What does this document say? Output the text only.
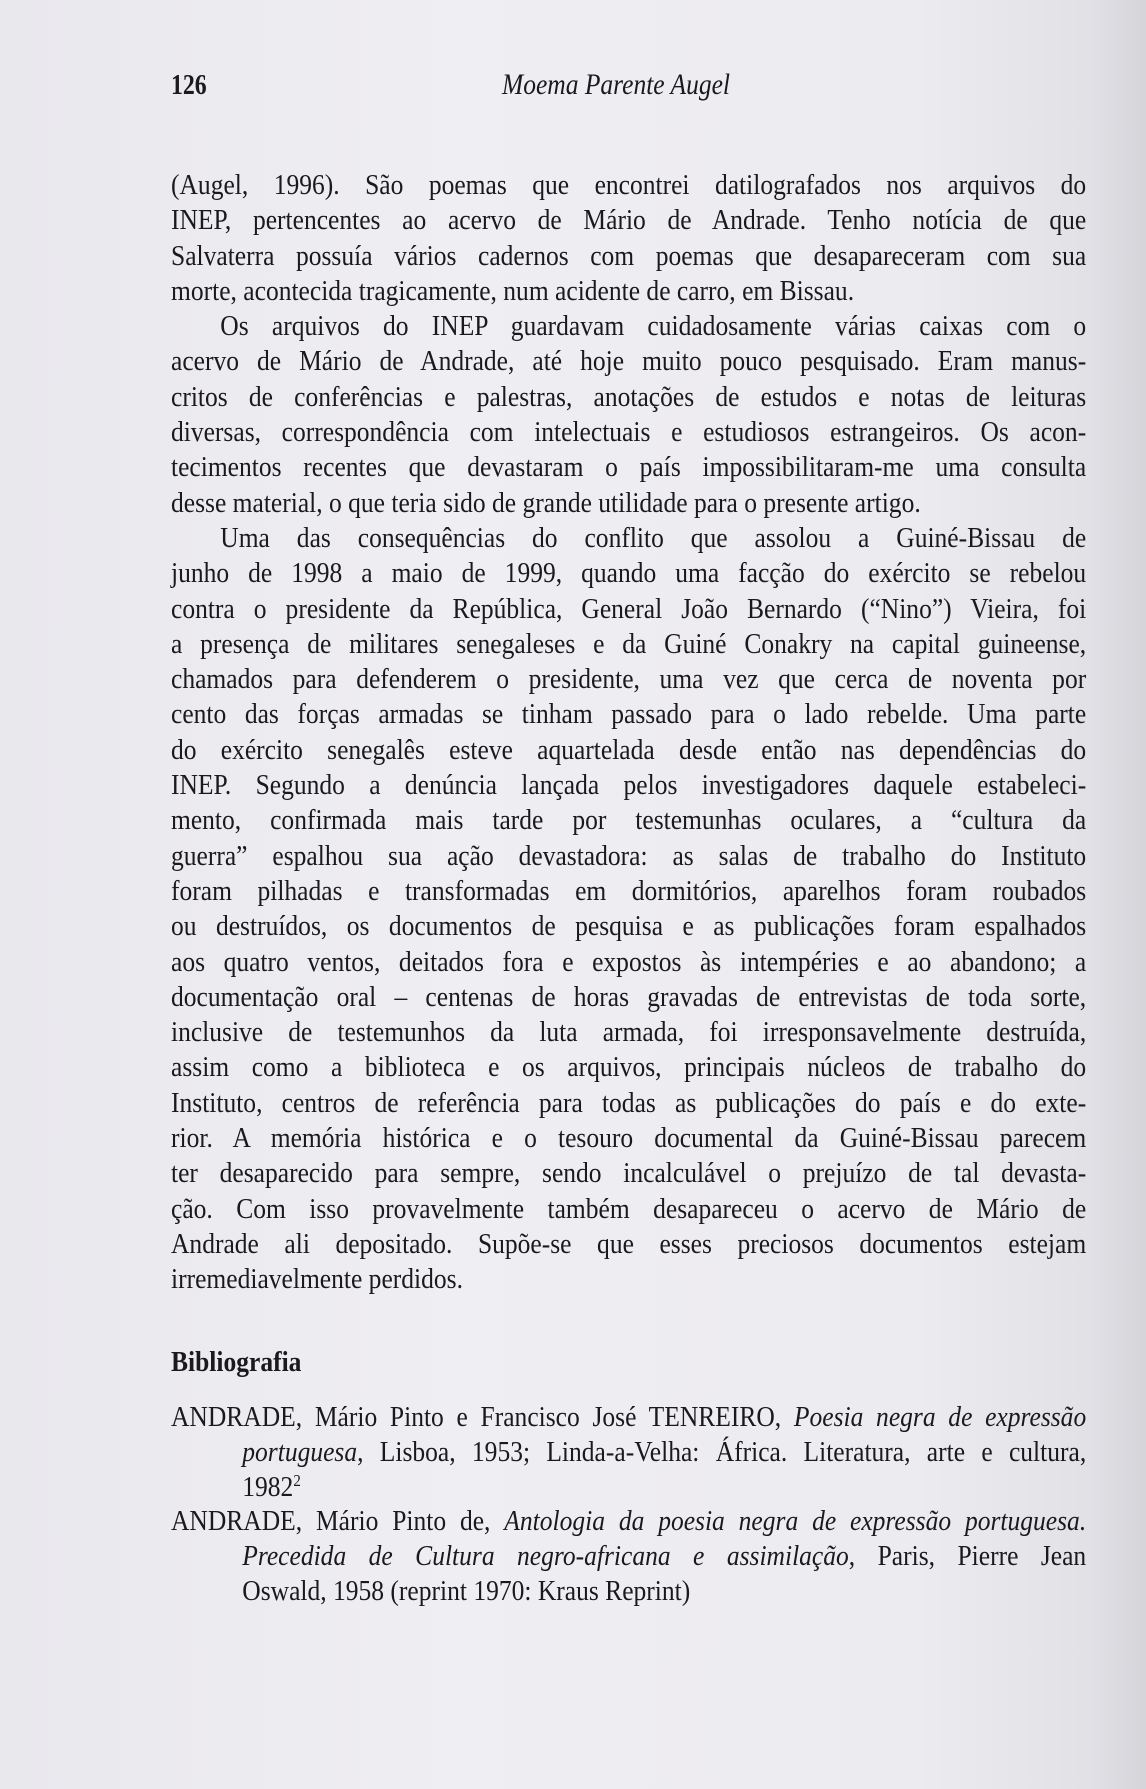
126	Moema Parente Augel
(Augel, 1996). São poemas que encontrei datilografados nos arquivos do
INEP, pertencentes ao acervo de Mário de Andrade. Tenho notícia de que
Salvaterra possuía vários cadernos com poemas que desapareceram com sua
morte, acontecida tragicamente, num acidente de carro, em Bissau.
Os arquivos do INEP guardavam cuidadosamente várias caixas com o
acervo de Mário de Andrade, até hoje muito pouco pesquisado. Eram manus-
critos de conferências e palestras, anotações de estudos e notas de leituras
diversas, correspondência com intelectuais e estudiosos estrangeiros. Os acon-
tecimentos recentes que devastaram o país impossibilitaram-me uma consulta
desse material, o que teria sido de grande utilidade para o presente artigo.
Uma das consequências do conflito que assolou a Guiné-Bissau de
junho de 1998 a maio de 1999, quando uma facção do exército se rebelou
contra o presidente da República, General João Bernardo (“Nino”) Vieira, foi
a presença de militares senegaleses e da Guiné Conakry na capital guineense,
chamados para defenderem o presidente, uma vez que cerca de noventa por
cento das forças armadas se tinham passado para o lado rebelde. Uma parte
do exército senegalês esteve aquartelada desde então nas dependências do
INEP. Segundo a denúncia lançada pelos investigadores daquele estabeleci-
mento, confirmada mais tarde por testemunhas oculares, a “cultura da
guerra” espalhou sua ação devastadora: as salas de trabalho do Instituto
foram pilhadas e transformadas em dormitórios, aparelhos foram roubados
ou destruídos, os documentos de pesquisa e as publicações foram espalhados
aos quatro ventos, deitados fora e expostos às intempéries e ao abandono; a
documentação oral – centenas de horas gravadas de entrevistas de toda sorte,
inclusive de testemunhos da luta armada, foi irresponsavelmente destruída,
assim como a biblioteca e os arquivos, principais núcleos de trabalho do
Instituto, centros de referência para todas as publicações do país e do exte-
rior. A memória histórica e o tesouro documental da Guiné-Bissau parecem
ter desaparecido para sempre, sendo incalculável o prejuízo de tal devasta-
ção. Com isso provavelmente também desapareceu o acervo de Mário de
Andrade ali depositado. Supõe-se que esses preciosos documentos estejam
irremediavelmente perdidos.
Bibliografia
ANDRADE, Mário Pinto e Francisco José TENREIRO, Poesia negra de expressão
portuguesa, Lisboa, 1953; Linda-a-Velha: África. Literatura, arte e cultura,
1982$^2$
ANDRADE, Mário Pinto de, Antologia da poesia negra de expressão portuguesa.
Precedida de Cultura negro-africana e assimilação, Paris, Pierre Jean
Oswald, 1958 (reprint 1970: Kraus Reprint)
